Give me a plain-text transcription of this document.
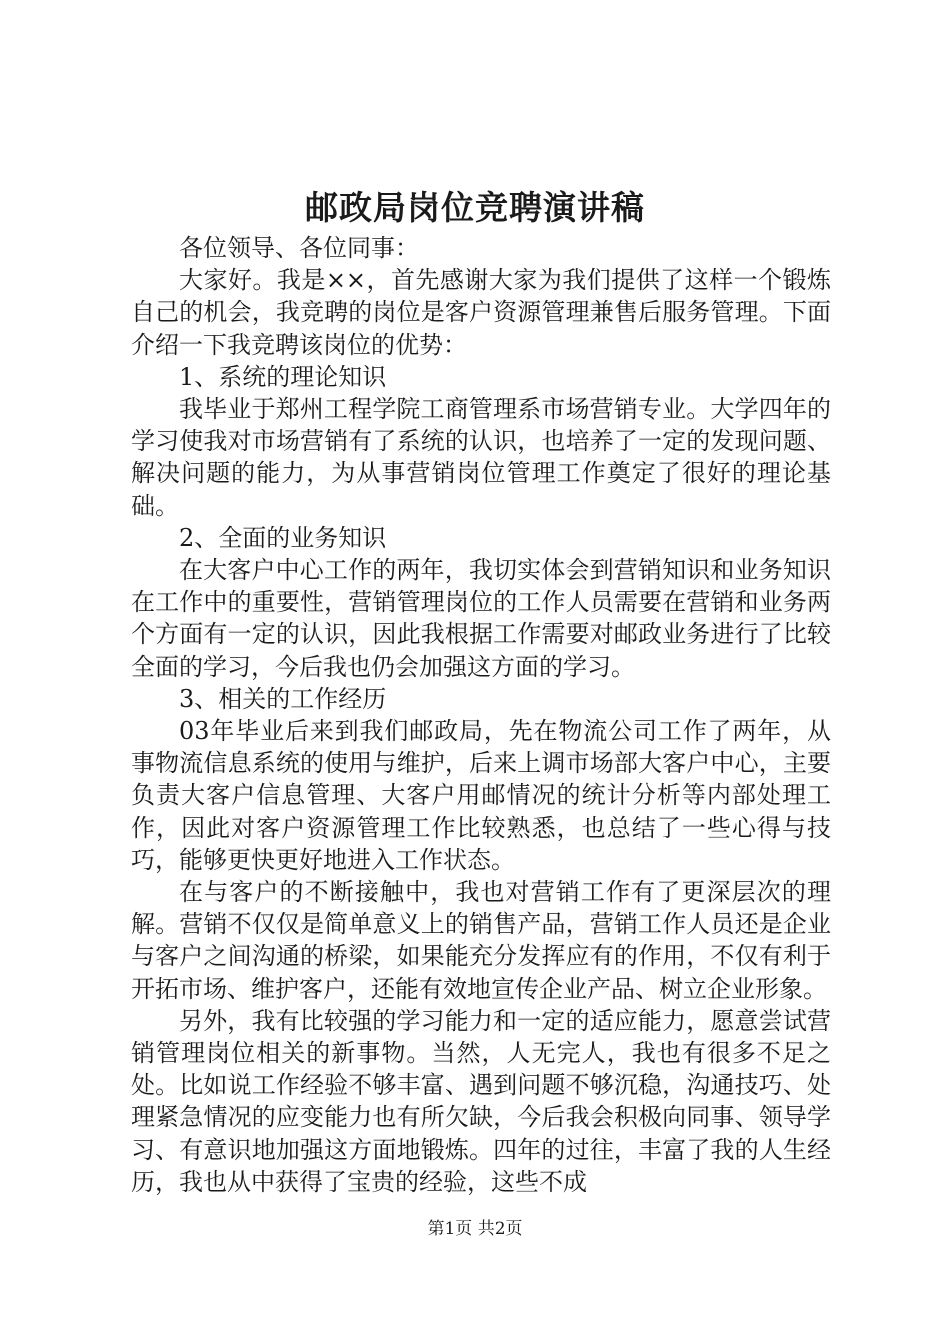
邮政局岗位竞聘演讲稿

各位领导、各位同事：

大家好。我是××，首先感谢大家为我们提供了这样一个锻炼自己的机会，我竞聘的岗位是客户资源管理兼售后服务管理。下面介绍一下我竞聘该岗位的优势：

1、系统的理论知识

我毕业于郑州工程学院工商管理系市场营销专业。大学四年的学习使我对市场营销有了系统的认识，也培养了一定的发现问题、解决问题的能力，为从事营销岗位管理工作奠定了很好的理论基础。

2、全面的业务知识

在大客户中心工作的两年，我切实体会到营销知识和业务知识在工作中的重要性，营销管理岗位的工作人员需要在营销和业务两个方面有一定的认识，因此我根据工作需要对邮政业务进行了比较全面的学习，今后我也仍会加强这方面的学习。

3、相关的工作经历

03年毕业后来到我们邮政局，先在物流公司工作了两年，从事物流信息系统的使用与维护，后来上调市场部大客户中心，主要负责大客户信息管理、大客户用邮情况的统计分析等内部处理工作，因此对客户资源管理工作比较熟悉，也总结了一些心得与技巧，能够更快更好地进入工作状态。

在与客户的不断接触中，我也对营销工作有了更深层次的理解。营销不仅仅是简单意义上的销售产品，营销工作人员还是企业与客户之间沟通的桥梁，如果能充分发挥应有的作用，不仅有利于开拓市场、维护客户，还能有效地宣传企业产品、树立企业形象。

另外，我有比较强的学习能力和一定的适应能力，愿意尝试营销管理岗位相关的新事物。当然，人无完人，我也有很多不足之处。比如说工作经验不够丰富、遇到问题不够沉稳，沟通技巧、处理紧急情况的应变能力也有所欠缺，今后我会积极向同事、领导学习、有意识地加强这方面地锻炼。四年的过往，丰富了我的人生经历，我也从中获得了宝贵的经验，这些不成

第1页 共2页
